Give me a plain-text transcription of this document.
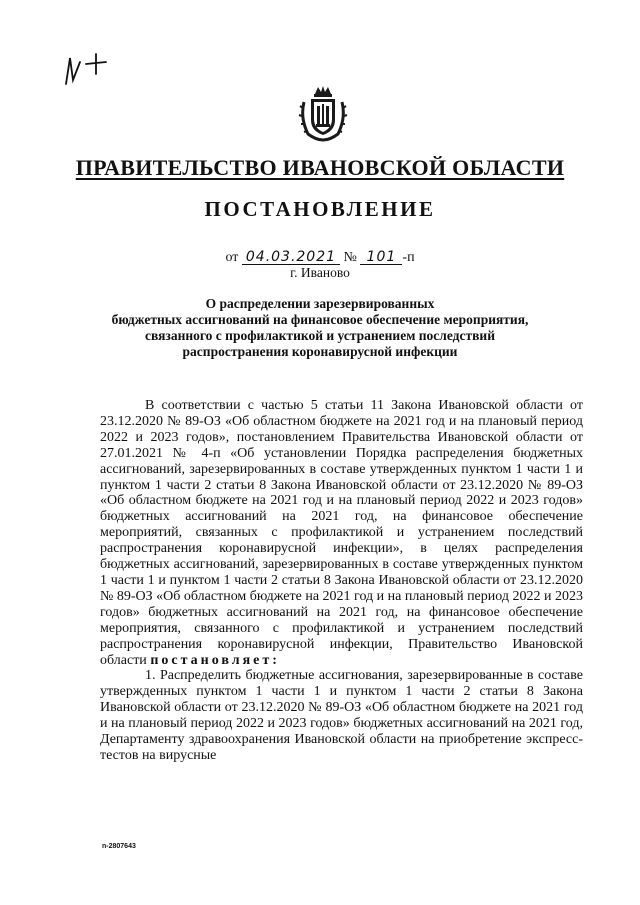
ПРАВИТЕЛЬСТВО ИВАНОВСКОЙ ОБЛАСТИ
ПОСТАНОВЛЕНИЕ
от 04.03.2021 № 101 -п
г. Иваново
О распределении зарезервированных
бюджетных ассигнований на финансовое обеспечение мероприятия,
связанного с профилактикой и устранением последствий
распространения коронавирусной инфекции

В соответствии с частью 5 статьи 11 Закона Ивановской области от 23.12.2020 № 89-ОЗ «Об областном бюджете на 2021 год и на плановый период 2022 и 2023 годов», постановлением Правительства Ивановской области от 27.01.2021 № 4-п «Об установлении Порядка распределения бюджетных ассигнований, зарезервированных в составе утвержденных пунктом 1 части 1 и пунктом 1 части 2 статьи 8 Закона Ивановской области от 23.12.2020 № 89-ОЗ «Об областном бюджете на 2021 год и на плановый период 2022 и 2023 годов» бюджетных ассигнований на 2021 год, на финансовое обеспечение мероприятий, связанных с профилактикой и устранением последствий распространения коронавирусной инфекции», в целях распределения бюджетных ассигнований, зарезервированных в составе утвержденных пунктом 1 части 1 и пунктом 1 части 2 статьи 8 Закона Ивановской области от 23.12.2020 № 89-ОЗ «Об областном бюджете на 2021 год и на плановый период 2022 и 2023 годов» бюджетных ассигнований на 2021 год, на финансовое обеспечение мероприятия, связанного с профилактикой и устранением последствий распространения коронавирусной инфекции, Правительство Ивановской области постановляет:

1. Распределить бюджетные ассигнования, зарезервированные в составе утвержденных пунктом 1 части 1 и пунктом 1 части 2 статьи 8 Закона Ивановской области от 23.12.2020 № 89-ОЗ «Об областном бюджете на 2021 год и на плановый период 2022 и 2023 годов» бюджетных ассигнований на 2021 год, Департаменту здравоохранения Ивановской области на приобретение экспресс-тестов на вирусные

n-2807643
